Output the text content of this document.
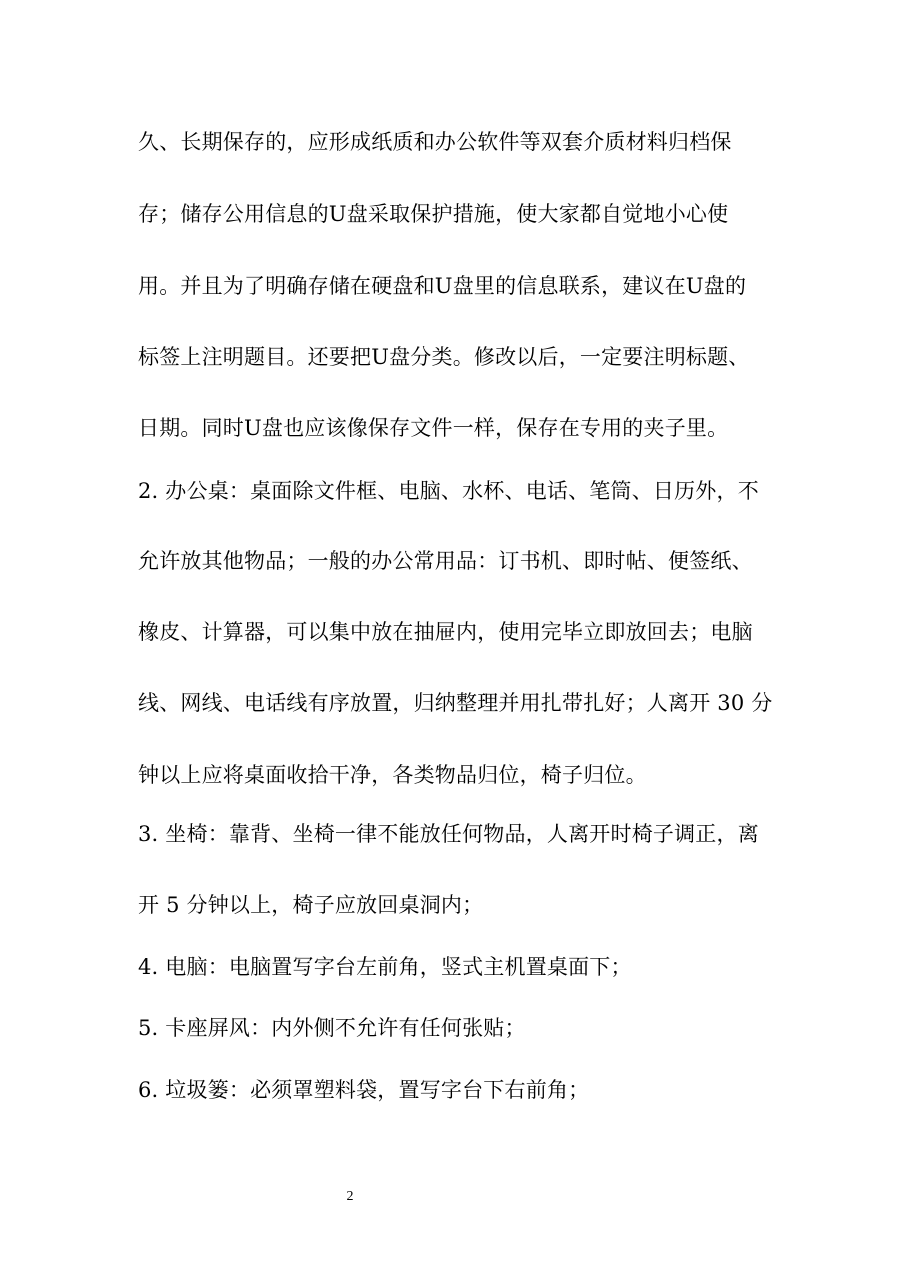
久、长期保存的，应形成纸质和办公软件等双套介质材料归档保
存；储存公用信息的U盘采取保护措施，使大家都自觉地小心使
用。并且为了明确存储在硬盘和U盘里的信息联系，建议在U盘的
标签上注明题目。还要把U盘分类。修改以后，一定要注明标题、
日期。同时U盘也应该像保存文件一样，保存在专用的夹子里。
2. 办公桌：桌面除文件框、电脑、水杯、电话、笔筒、日历外，不
允许放其他物品；一般的办公常用品：订书机、即时帖、便签纸、
橡皮、计算器，可以集中放在抽屉内，使用完毕立即放回去；电脑
线、网线、电话线有序放置，归纳整理并用扎带扎好；人离开 30 分
钟以上应将桌面收拾干净，各类物品归位，椅子归位。
3. 坐椅：靠背、坐椅一律不能放任何物品，人离开时椅子调正，离
开 5 分钟以上，椅子应放回桌洞内；
4. 电脑：电脑置写字台左前角，竖式主机置桌面下；
5. 卡座屏风：内外侧不允许有任何张贴；
6. 垃圾篓：必须罩塑料袋，置写字台下右前角；
2
